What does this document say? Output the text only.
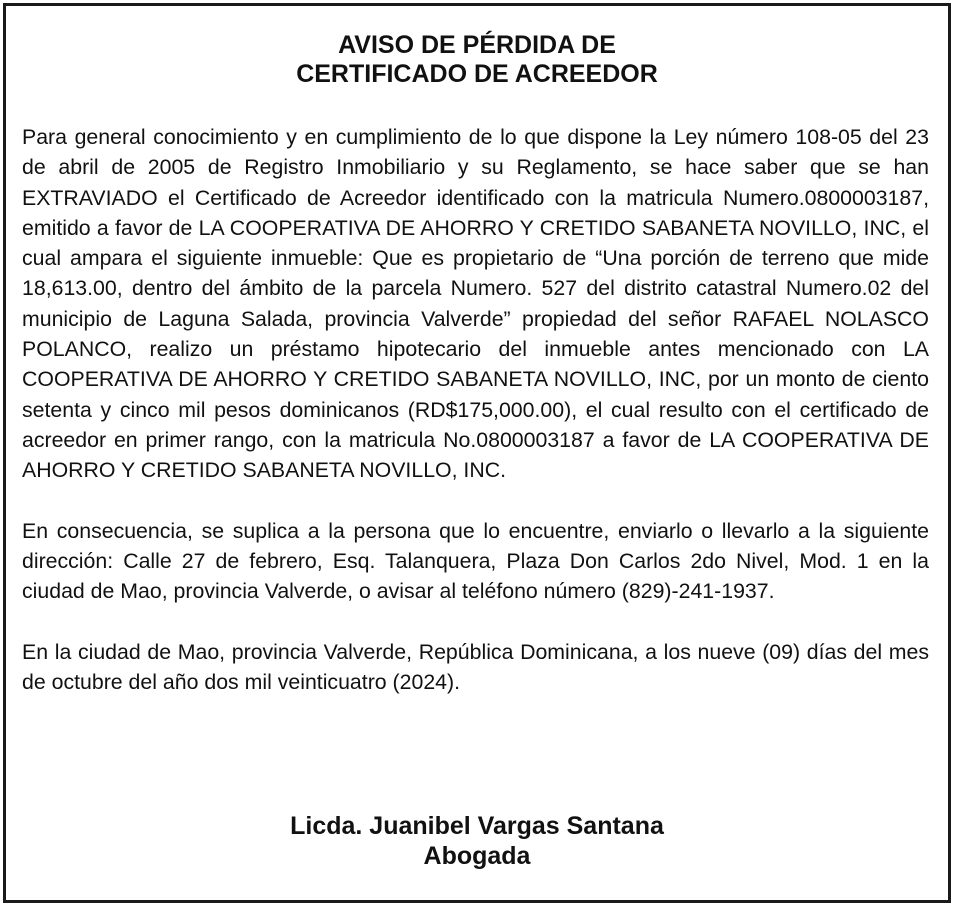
AVISO DE PÉRDIDA DE
CERTIFICADO DE ACREEDOR

Para general conocimiento y en cumplimiento de lo que dispone la Ley número 108-05 del 23 de abril de 2005 de Registro Inmobiliario y su Reglamento, se hace saber que se han EXTRAVIADO el Certificado de Acreedor identificado con la matricula Numero.0800003187, emitido a favor de LA COOPERATIVA DE AHORRO Y CRETIDO SABANETA NOVILLO, INC, el cual ampara el siguiente inmueble: Que es propietario de “Una porción de terreno que mide 18,613.00, dentro del ámbito de la parcela Numero. 527 del distrito catastral Numero.02 del municipio de Laguna Salada, provincia Valverde” propiedad del señor RAFAEL NOLASCO POLANCO, realizo un préstamo hipotecario del inmueble antes mencionado con LA COOPERATIVA DE AHORRO Y CRETIDO SABANETA NOVILLO, INC, por un monto de ciento setenta y cinco mil pesos dominicanos (RD$175,000.00), el cual resulto con el certificado de acreedor en primer rango, con la matricula No.0800003187 a favor de LA COOPERATIVA DE AHORRO Y CRETIDO SABANETA NOVILLO, INC.

En consecuencia, se suplica a la persona que lo encuentre, enviarlo o llevarlo a la siguiente dirección: Calle 27 de febrero, Esq. Talanquera, Plaza Don Carlos 2do Nivel, Mod. 1 en la ciudad de Mao, provincia Valverde, o avisar al teléfono número (829)-241-1937.

En la ciudad de Mao, provincia Valverde, República Dominicana, a los nueve (09) días del mes de octubre del año dos mil veinticuatro (2024).

Licda. Juanibel Vargas Santana
Abogada
